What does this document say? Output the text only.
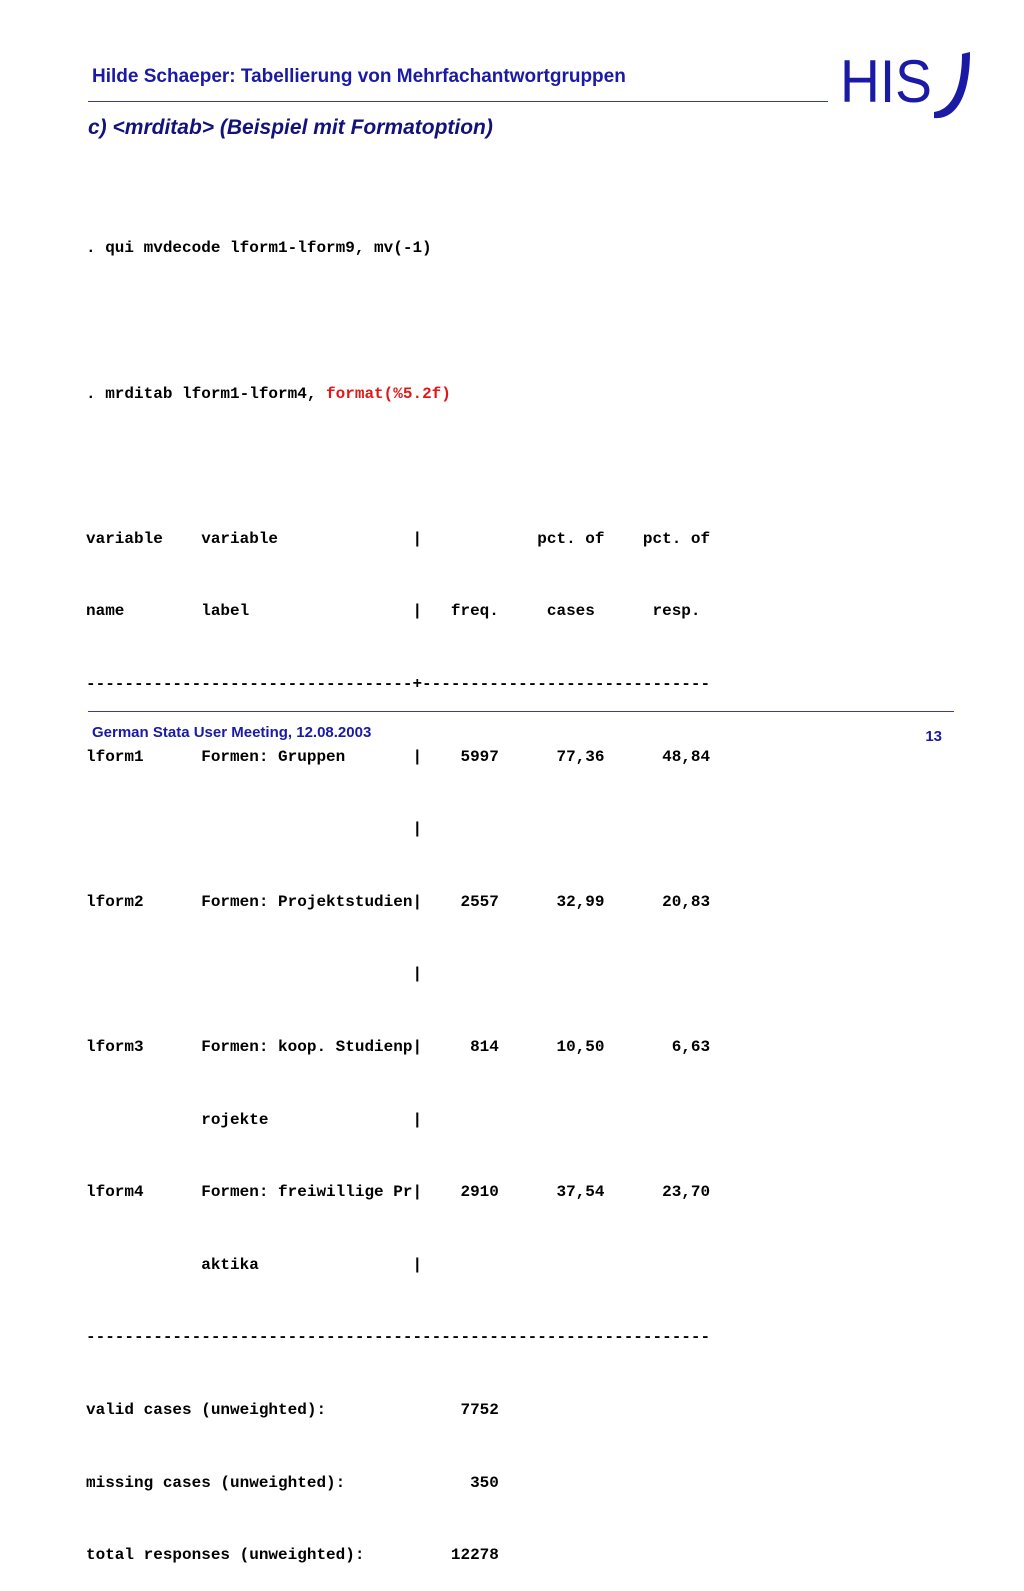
Hilde Schaeper: Tabellierung von Mehrfachantwortgruppen	HIS
c) <mrditab> (Beispiel mit Formatoption)

. qui mvdecode lform1-lform9, mv(-1)

. mrditab lform1-lform4, format(%5.2f)

variable    variable              |            pct. of    pct. of

name        label                 |   freq.     cases      resp.

----------------------------------+------------------------------

lform1      Formen: Gruppen       |    5997      77,36      48,84

|

lform2      Formen: Projektstudien|    2557      32,99      20,83

|

lform3      Formen: koop. Studienp|     814      10,50       6,63

rojekte               |

lform4      Formen: freiwillige Pr|    2910      37,54      23,70

aktika                |

-----------------------------------------------------------------

valid cases (unweighted):              7752

missing cases (unweighted):             350

total responses (unweighted):         12278

German Stata User Meeting, 12.08.2003	13
